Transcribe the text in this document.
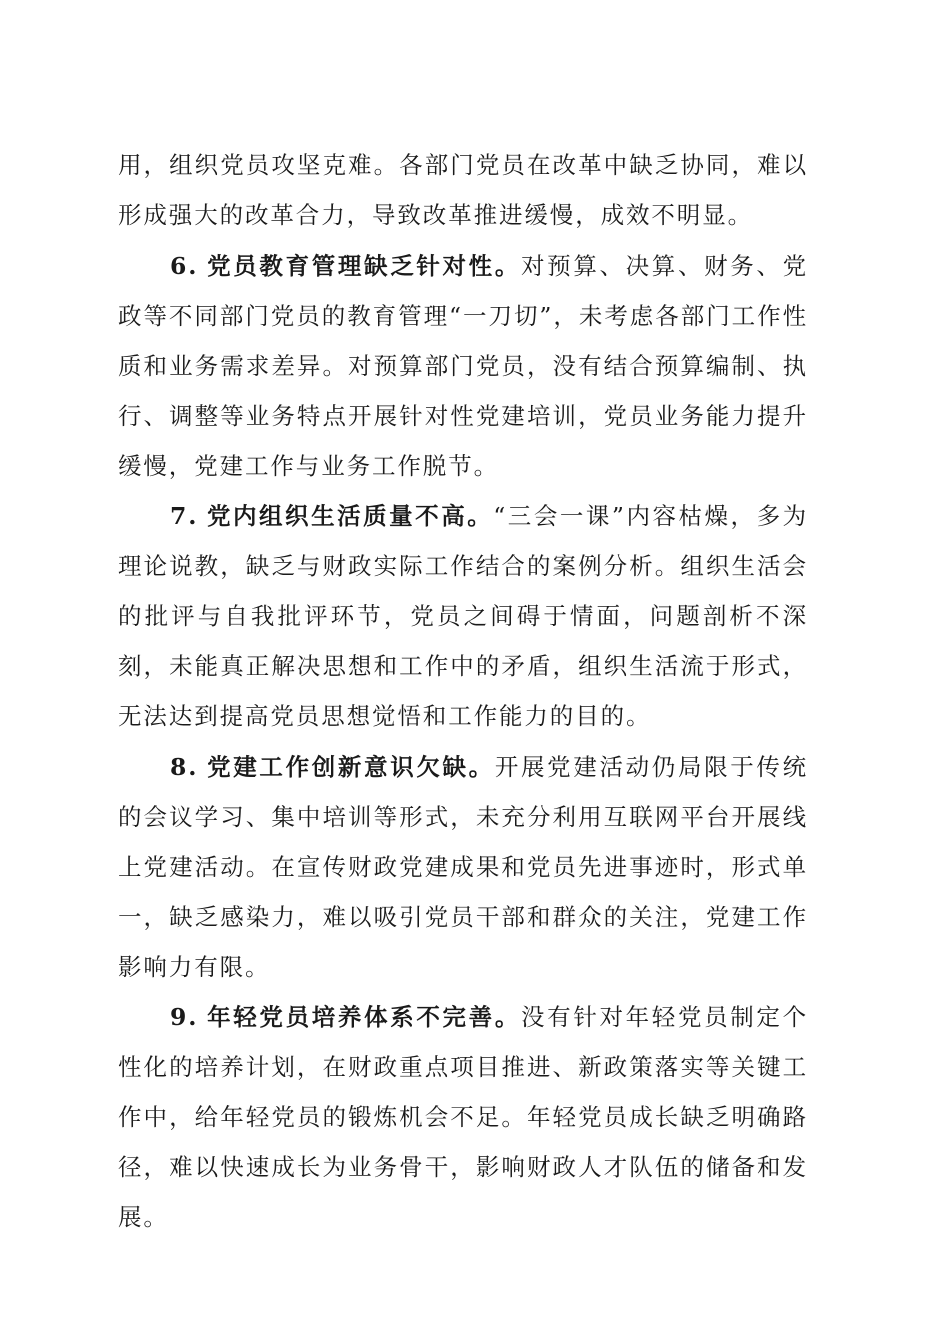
用，组织党员攻坚克难。各部门党员在改革中缺乏协同，难以形成强大的改革合力，导致改革推进缓慢，成效不明显。

6. 党员教育管理缺乏针对性。对预算、决算、财务、党政等不同部门党员的教育管理“一刀切”，未考虑各部门工作性质和业务需求差异。对预算部门党员，没有结合预算编制、执行、调整等业务特点开展针对性党建培训，党员业务能力提升缓慢，党建工作与业务工作脱节。

7. 党内组织生活质量不高。“三会一课”内容枯燥，多为理论说教，缺乏与财政实际工作结合的案例分析。组织生活会的批评与自我批评环节，党员之间碍于情面，问题剖析不深刻，未能真正解决思想和工作中的矛盾，组织生活流于形式，无法达到提高党员思想觉悟和工作能力的目的。

8. 党建工作创新意识欠缺。开展党建活动仍局限于传统的会议学习、集中培训等形式，未充分利用互联网平台开展线上党建活动。在宣传财政党建成果和党员先进事迹时，形式单一，缺乏感染力，难以吸引党员干部和群众的关注，党建工作影响力有限。

9. 年轻党员培养体系不完善。没有针对年轻党员制定个性化的培养计划，在财政重点项目推进、新政策落实等关键工作中，给年轻党员的锻炼机会不足。年轻党员成长缺乏明确路径，难以快速成长为业务骨干，影响财政人才队伍的储备和发展。
